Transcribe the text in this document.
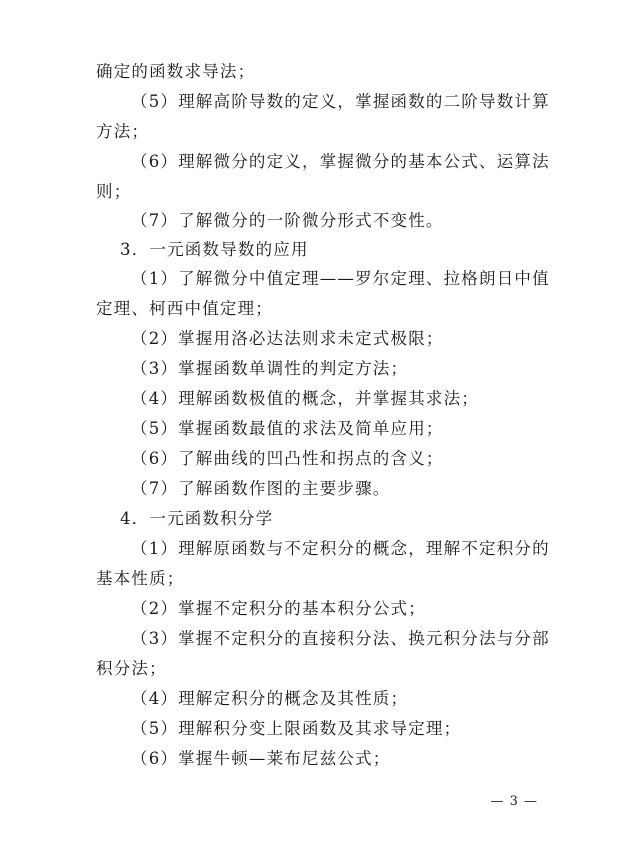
确定的函数求导法；
（5）理解高阶导数的定义，掌握函数的二阶导数计算
方法；
（6）理解微分的定义，掌握微分的基本公式、运算法
则；
（7）了解微分的一阶微分形式不变性。
3．一元函数导数的应用
（1）了解微分中值定理——罗尔定理、拉格朗日中值
定理、柯西中值定理；
（2）掌握用洛必达法则求未定式极限；
（3）掌握函数单调性的判定方法；
（4）理解函数极值的概念，并掌握其求法；
（5）掌握函数最值的求法及简单应用；
（6）了解曲线的凹凸性和拐点的含义；
（7）了解函数作图的主要步骤。
4．一元函数积分学
（1）理解原函数与不定积分的概念，理解不定积分的
基本性质；
（2）掌握不定积分的基本积分公式；
（3）掌握不定积分的直接积分法、换元积分法与分部
积分法；
（4）理解定积分的概念及其性质；
（5）理解积分变上限函数及其求导定理；
（6）掌握牛顿—莱布尼兹公式；
— 3 —
